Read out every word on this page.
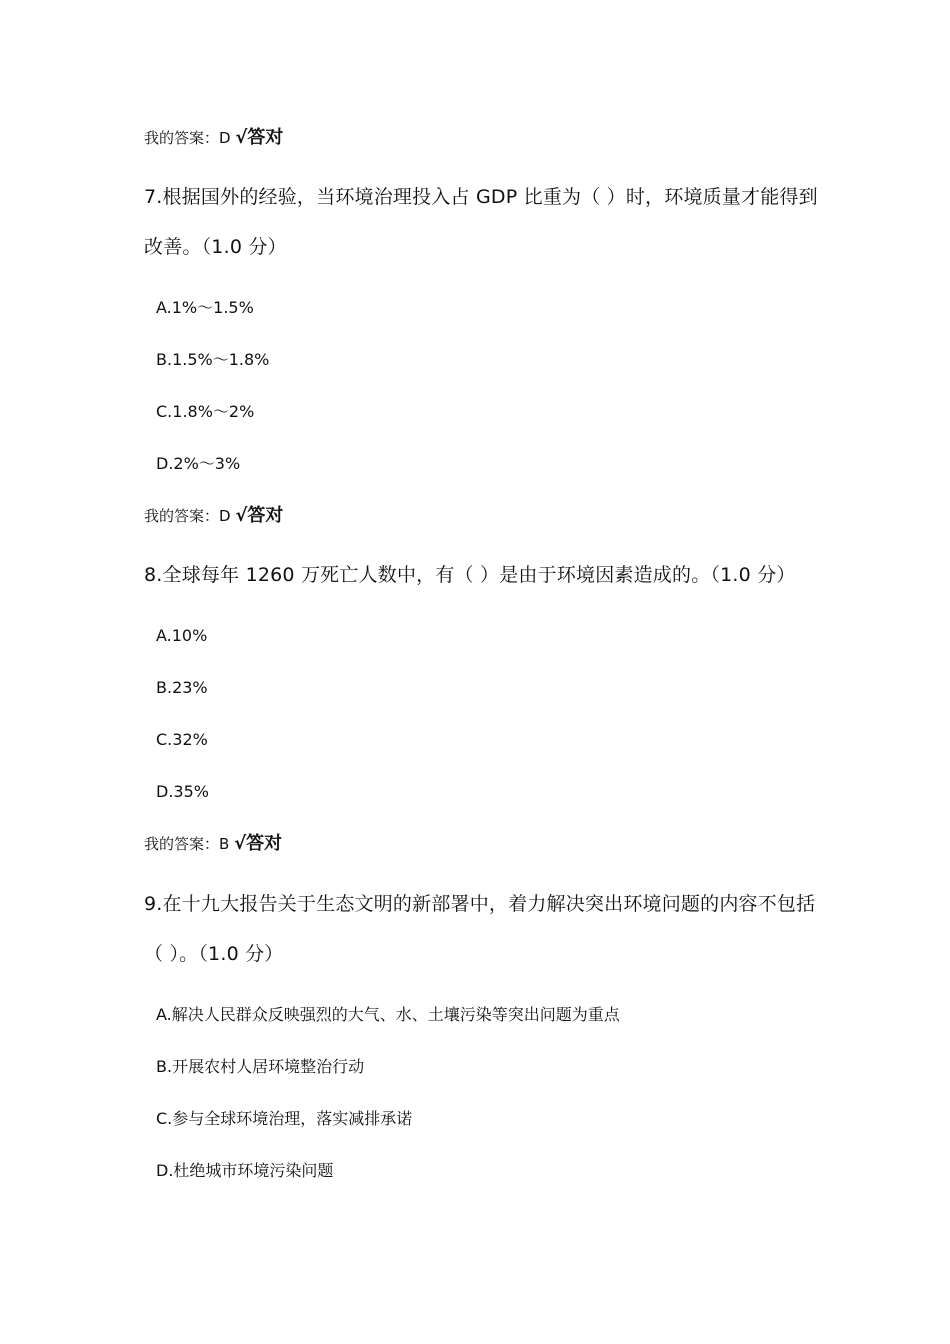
我的答案：D √答对
7.根据国外的经验，当环境治理投入占 GDP 比重为（ ）时，环境质量才能得到
改善。（1.0 分）
A.1%～1.5%
B.1.5%～1.8%
C.1.8%～2%
D.2%～3%
我的答案：D √答对
8.全球每年 1260 万死亡人数中，有（ ）是由于环境因素造成的。（1.0 分）
A.10%
B.23%
C.32%
D.35%
我的答案：B √答对
9.在十九大报告关于生态文明的新部署中，着力解决突出环境问题的内容不包括
（ ）。（1.0 分）
A.解决人民群众反映强烈的大气、水、土壤污染等突出问题为重点
B.开展农村人居环境整治行动
C.参与全球环境治理，落实减排承诺
D.杜绝城市环境污染问题
